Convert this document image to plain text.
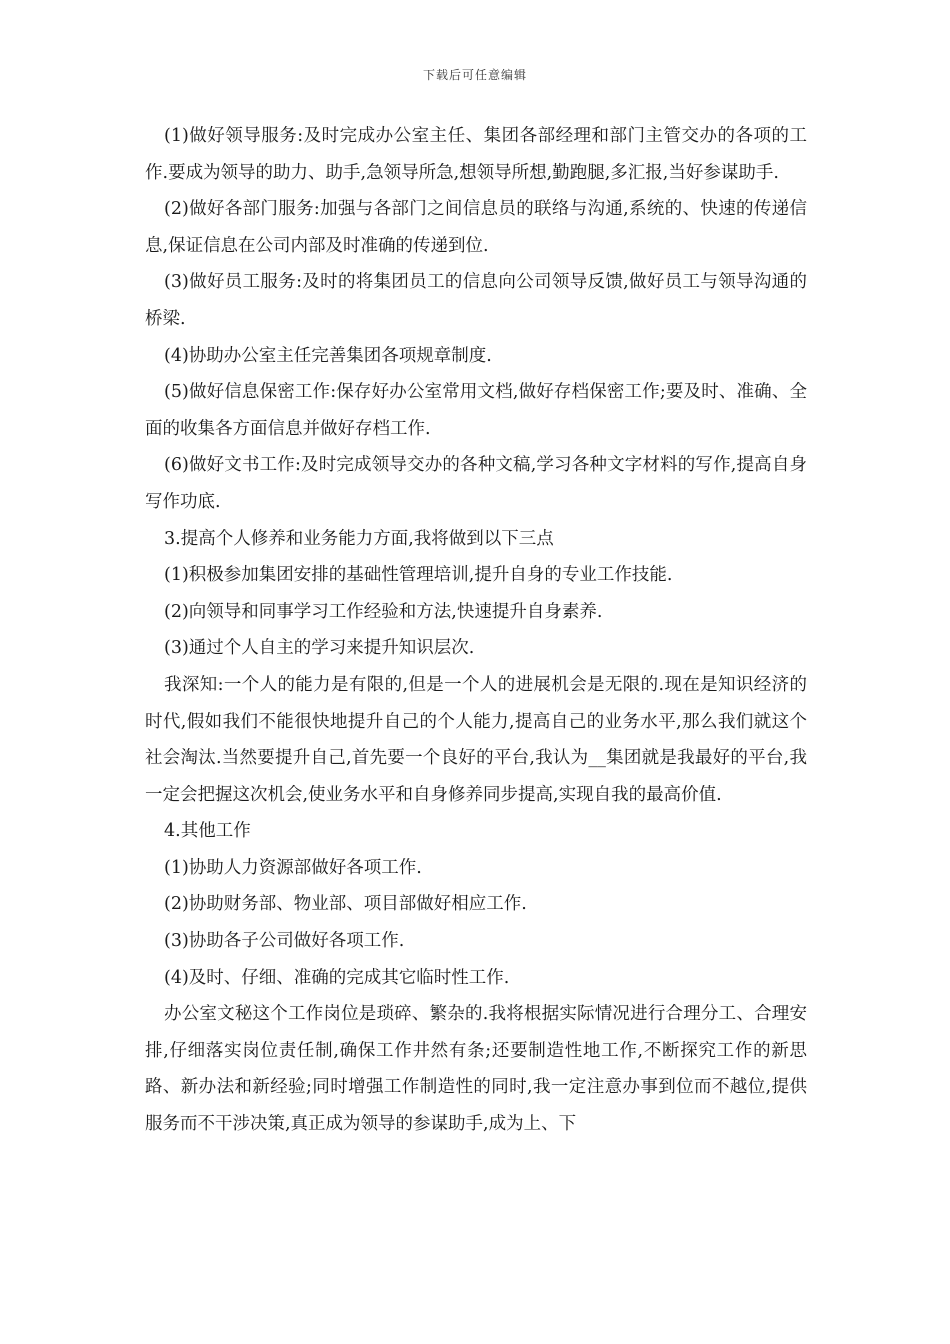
下载后可任意编辑

(1)做好领导服务:及时完成办公室主任、集团各部经理和部门主管交办的各项的工作.要成为领导的助力、助手,急领导所急,想领导所想,勤跑腿,多汇报,当好参谋助手.

(2)做好各部门服务:加强与各部门之间信息员的联络与沟通,系统的、快速的传递信息,保证信息在公司内部及时准确的传递到位.

(3)做好员工服务:及时的将集团员工的信息向公司领导反馈,做好员工与领导沟通的桥梁.

(4)协助办公室主任完善集团各项规章制度.

(5)做好信息保密工作:保存好办公室常用文档,做好存档保密工作;要及时、准确、全面的收集各方面信息并做好存档工作.

(6)做好文书工作:及时完成领导交办的各种文稿,学习各种文字材料的写作,提高自身写作功底.

3.提高个人修养和业务能力方面,我将做到以下三点

(1)积极参加集团安排的基础性管理培训,提升自身的专业工作技能.

(2)向领导和同事学习工作经验和方法,快速提升自身素养.

(3)通过个人自主的学习来提升知识层次.

我深知:一个人的能力是有限的,但是一个人的进展机会是无限的.现在是知识经济的时代,假如我们不能很快地提升自己的个人能力,提高自己的业务水平,那么我们就这个社会淘汰.当然要提升自己,首先要一个良好的平台,我认为__集团就是我最好的平台,我一定会把握这次机会,使业务水平和自身修养同步提高,实现自我的最高价值.

4.其他工作

(1)协助人力资源部做好各项工作.

(2)协助财务部、物业部、项目部做好相应工作.

(3)协助各子公司做好各项工作.

(4)及时、仔细、准确的完成其它临时性工作.

办公室文秘这个工作岗位是琐碎、繁杂的.我将根据实际情况进行合理分工、合理安排,仔细落实岗位责任制,确保工作井然有条;还要制造性地工作,不断探究工作的新思路、新办法和新经验;同时增强工作制造性的同时,我一定注意办事到位而不越位,提供服务而不干涉决策,真正成为领导的参谋助手,成为上、下
